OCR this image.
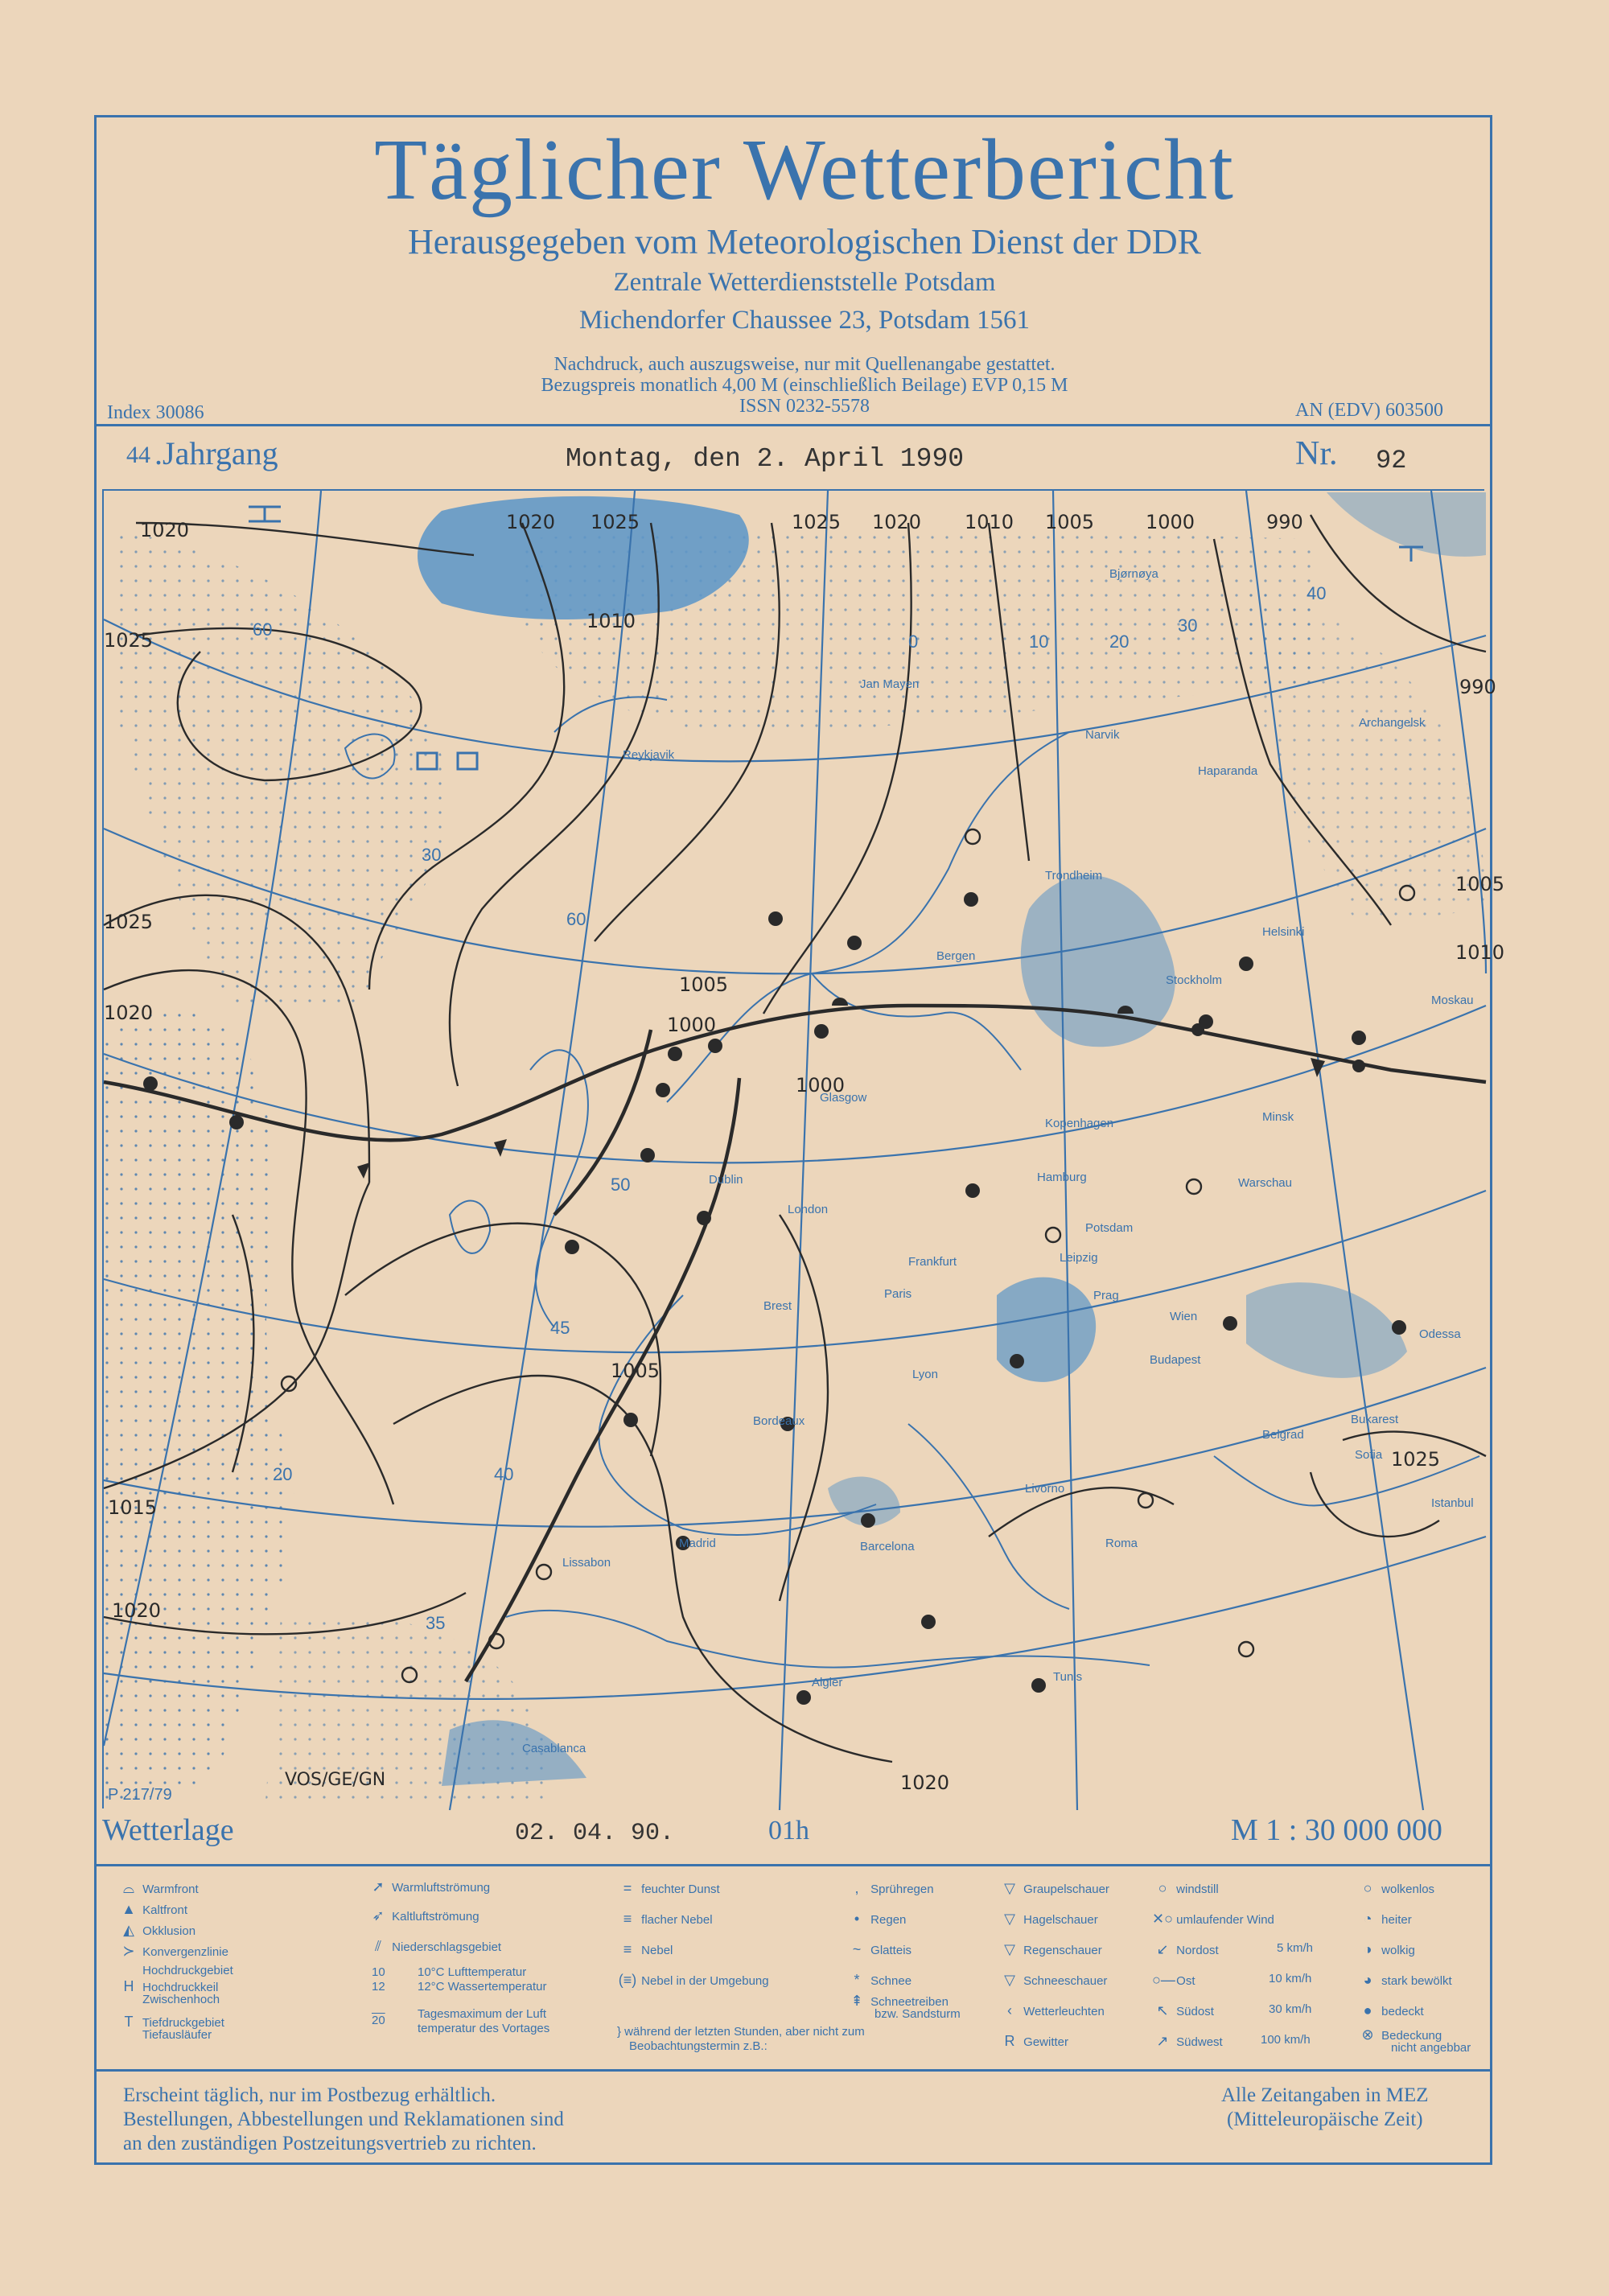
Täglicher Wetterbericht
Herausgegeben vom Meteorologischen Dienst der DDR
Zentrale Wetterdienststelle Potsdam
Michendorfer Chaussee 23, Potsdam 1561
Nachdruck, auch auszugsweise, nur mit Quellenangabe gestattet.
Bezugspreis monatlich 4,00 M (einschließlich Beilage) EVP 0,15 M
ISSN 0232-5578
Index 30086	AN (EDV) 603500
44 .Jahrgang	Montag, den 2. April 1990	Nr. 92
60
60
50
45
40
35
30
20
0	10	20
30
40
1020
1025
1025
1020
1015
1020
1020 1025
1010
1025 1020 1010 1005	1000	990
990
1005
1010
1005
1000
1000
1005
1025
1020
Bjørnøya
Jan Mayen
Narvik
Haparanda
Archangelsk
Reykjavik
Trondheim
Helsinki
Stockholm
Bergen
Moskau
Kopenhagen	Minsk
Glasgow
Dublin	Hamburg	Warschau
London
Potsdam
Frankfurt	Leipzig
Prag
Paris
Brest
Odessa
Wien
Budapest
Lyon
Bordeaux	Bukarest
Belgrad
Sofia
Livorno
Roma
Madrid	Barcelona
Istanbul
Lissabon
Tunis
Algier
Casablanca
P 217/79
VOS/GE/GN
Wetterlage	02. 04. 90.	01h	M 1 : 30 000 000
⌓ Warmfront
▲ Kaltfront
◭ Okklusion
≻ Konvergenzlinie
Hochdruckgebiet
H Hochdruckkeil
Zwischenhoch
T Tiefdruckgebiet
Tiefausläufer
➚ Warmluftströmung
➶ Kaltluftströmung
⫽ Niederschlagsgebiet
10
12
10°C Lufttemperatur
12°C Wassertemperatur
20	Tagesmaximum der Luft
temperatur des Vortages
= feuchter Dunst
≡ flacher Nebel
≡ Nebel
(≡) Nebel in der Umgebung
} während der letzten Stunden, aber nicht zum
Beobachtungstermin z.B.:
, Sprühregen
• Regen
~ Glatteis
* Schnee
⇞ Schneetreiben
bzw. Sandsturm
▽ Graupelschauer
▽ Hagelschauer
▽ Regenschauer
▽ Schneeschauer
‹ Wetterleuchten
R Gewitter
○ windstill
✕○ umlaufender Wind
↙ Nordost
○— Ost
↖ Südost
↗ Südwest
5 km/h
10 km/h
30 km/h
100 km/h
○ wolkenlos
◔ heiter
◑ wolkig
◕ stark bewölkt
● bedeckt
⊗ Bedeckung
nicht angebbar
Erscheint täglich, nur im Postbezug erhältlich.
Bestellungen, Abbestellungen und Reklamationen sind
an den zuständigen Postzeitungsvertrieb zu richten.
Alle Zeitangaben in MEZ
(Mitteleuropäische Zeit)
